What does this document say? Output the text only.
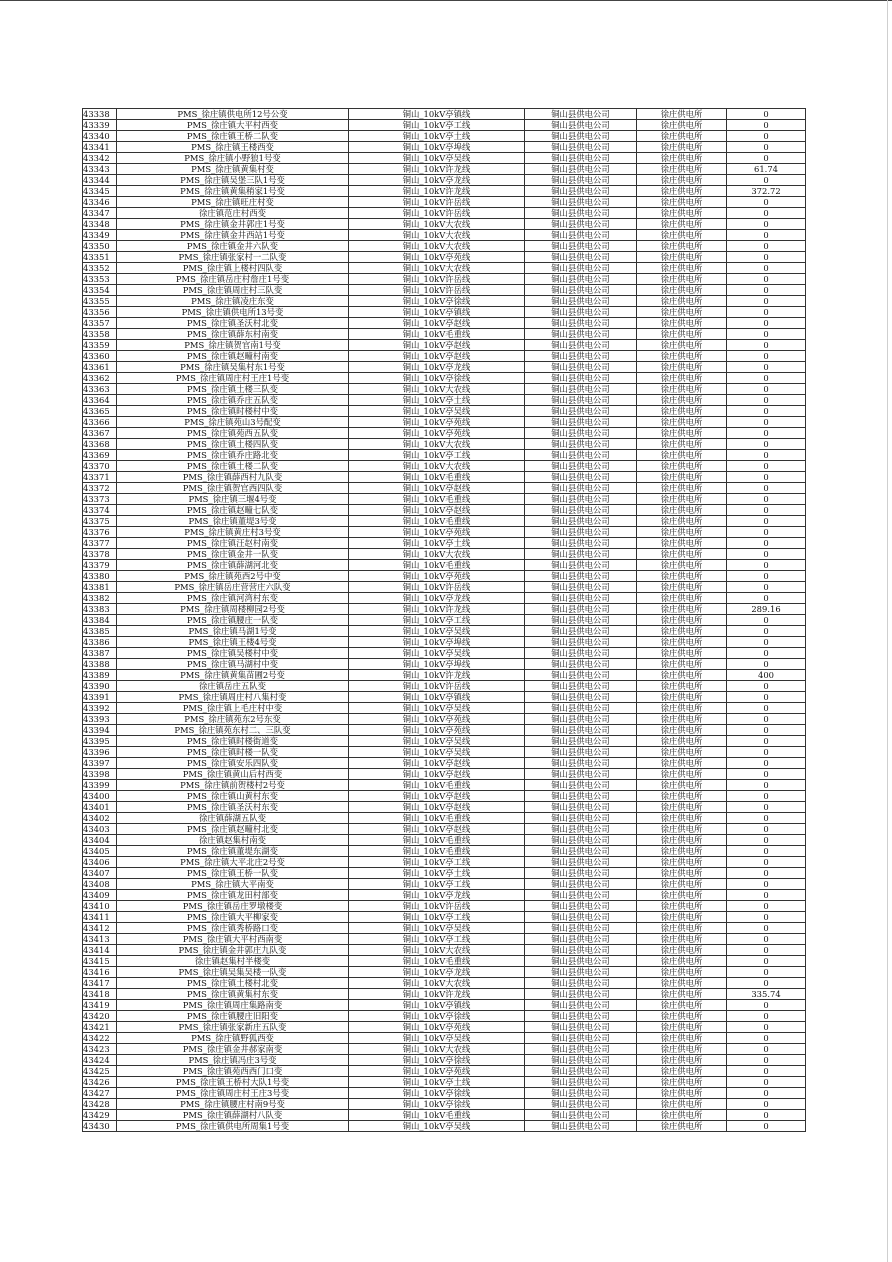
43338	PMS_徐庄镇供电所12号公变	铜山_10kV亭镇线	铜山县供电公司	徐庄供电所	0
43339	PMS_徐庄镇大平村西变	铜山_10kV亭工线	铜山县供电公司	徐庄供电所	0
43340	PMS_徐庄镇王桥二队变	铜山_10kV亭土线	铜山县供电公司	徐庄供电所	0
43341	PMS_徐庄镇王楼西变	铜山_10kV亭埠线	铜山县供电公司	徐庄供电所	0
43342	PMS_徐庄镇小野狼1号变	铜山_10kV亭吴线	铜山县供电公司	徐庄供电所	0
43343	PMS_徐庄镇黄集村变	铜山_10kV许龙线	铜山县供电公司	徐庄供电所	61.74
43344	PMS_徐庄镇吴堡三队1号变	铜山_10kV亭龙线	铜山县供电公司	徐庄供电所	0
43345	PMS_徐庄镇黄集稍家1号变	铜山_10kV许龙线	铜山县供电公司	徐庄供电所	372.72
43346	PMS_徐庄镇旺庄村变	铜山_10kV许岳线	铜山县供电公司	徐庄供电所	0
43347	徐庄镇范庄村西变	铜山_10kV许岳线	铜山县供电公司	徐庄供电所	0
43348	PMS_徐庄镇金井郭庄1号变	铜山_10kV大农线	铜山县供电公司	徐庄供电所	0
43349	PMS_徐庄镇金井西站1号变	铜山_10kV大农线	铜山县供电公司	徐庄供电所	0
43350	PMS_徐庄镇金井六队变	铜山_10kV大农线	铜山县供电公司	徐庄供电所	0
43351	PMS_徐庄镇张家村一二队变	铜山_10kV亭苑线	铜山县供电公司	徐庄供电所	0
43352	PMS_徐庄镇上楼村四队变	铜山_10kV大农线	铜山县供电公司	徐庄供电所	0
43353	PMS_徐庄镇岳庄村詹庄1号变	铜山_10kV许岳线	铜山县供电公司	徐庄供电所	0
43354	PMS_徐庄镇周庄村三队变	铜山_10kV许岳线	铜山县供电公司	徐庄供电所	0
43355	PMS_徐庄镇凌庄东变	铜山_10kV亭徐线	铜山县供电公司	徐庄供电所	0
43356	PMS_徐庄镇供电所13号变	铜山_10kV亭镇线	铜山县供电公司	徐庄供电所	0
43357	PMS_徐庄镇圣沃村北变	铜山_10kV亭赵线	铜山县供电公司	徐庄供电所	0
43358	PMS_徐庄镇薛东村南变	铜山_10kV毛重线	铜山县供电公司	徐庄供电所	0
43359	PMS_徐庄镇贺官南1号变	铜山_10kV亭赵线	铜山县供电公司	徐庄供电所	0
43360	PMS_徐庄镇赵疃村南变	铜山_10kV亭赵线	铜山县供电公司	徐庄供电所	0
43361	PMS_徐庄镇吴集村东1号变	铜山_10kV亭龙线	铜山县供电公司	徐庄供电所	0
43362	PMS_徐庄镇周庄村王庄1号变	铜山_10kV亭徐线	铜山县供电公司	徐庄供电所	0
43363	PMS_徐庄镇土楼三队变	铜山_10kV大农线	铜山县供电公司	徐庄供电所	0
43364	PMS_徐庄镇乔庄五队变	铜山_10kV亭土线	铜山县供电公司	徐庄供电所	0
43365	PMS_徐庄镇时楼村中变	铜山_10kV亭吴线	铜山县供电公司	徐庄供电所	0
43366	PMS_徐庄镇苑山3号配变	铜山_10kV亭苑线	铜山县供电公司	徐庄供电所	0
43367	PMS_徐庄镇苑西五队变	铜山_10kV亭苑线	铜山县供电公司	徐庄供电所	0
43368	PMS_徐庄镇土楼四队变	铜山_10kV大农线	铜山县供电公司	徐庄供电所	0
43369	PMS_徐庄镇乔庄路北变	铜山_10kV亭工线	铜山县供电公司	徐庄供电所	0
43370	PMS_徐庄镇土楼二队变	铜山_10kV大农线	铜山县供电公司	徐庄供电所	0
43371	PMS_徐庄镇薛西村九队变	铜山_10kV毛重线	铜山县供电公司	徐庄供电所	0
43372	PMS_徐庄镇贺官西四队变	铜山_10kV亭赵线	铜山县供电公司	徐庄供电所	0
43373	PMS_徐庄镇三堰4号变	铜山_10kV毛重线	铜山县供电公司	徐庄供电所	0
43374	PMS_徐庄镇赵疃七队变	铜山_10kV亭赵线	铜山县供电公司	徐庄供电所	0
43375	PMS_徐庄镇董堤3号变	铜山_10kV毛重线	铜山县供电公司	徐庄供电所	0
43376	PMS_徐庄镇黄庄村3号变	铜山_10kV亭苑线	铜山县供电公司	徐庄供电所	0
43377	PMS_徐庄镇汪赵村南变	铜山_10kV亭土线	铜山县供电公司	徐庄供电所	0
43378	PMS_徐庄镇金井一队变	铜山_10kV大农线	铜山县供电公司	徐庄供电所	0
43379	PMS_徐庄镇薛湖河北变	铜山_10kV毛重线	铜山县供电公司	徐庄供电所	0
43380	PMS_徐庄镇苑西2号中变	铜山_10kV亭苑线	铜山县供电公司	徐庄供电所	0
43381	PMS_徐庄镇岳庄营营庄六队变	铜山_10kV许岳线	铜山县供电公司	徐庄供电所	0
43382	PMS_徐庄镇河湾村东变	铜山_10kV亭龙线	铜山县供电公司	徐庄供电所	0
43383	PMS_徐庄镇周楼柳园2号变	铜山_10kV许龙线	铜山县供电公司	徐庄供电所	289.16
43384	PMS_徐庄镇腰庄一队变	铜山_10kV亭工线	铜山县供电公司	徐庄供电所	0
43385	PMS_徐庄镇马湖1号变	铜山_10kV亭吴线	铜山县供电公司	徐庄供电所	0
43386	PMS_徐庄镇王楼4号变	铜山_10kV亭埠线	铜山县供电公司	徐庄供电所	0
43387	PMS_徐庄镇吴楼村中变	铜山_10kV亭吴线	铜山县供电公司	徐庄供电所	0
43388	PMS_徐庄镇马湖村中变	铜山_10kV亭埠线	铜山县供电公司	徐庄供电所	0
43389	PMS_徐庄镇黄集苗圃2号变	铜山_10kV许龙线	铜山县供电公司	徐庄供电所	400
43390	徐庄镇岳庄五队变	铜山_10kV许岳线	铜山县供电公司	徐庄供电所	0
43391	PMS_徐庄镇周庄村八集村变	铜山_10kV亭镇线	铜山县供电公司	徐庄供电所	0
43392	PMS_徐庄镇上毛庄村中变	铜山_10kV亭吴线	铜山县供电公司	徐庄供电所	0
43393	PMS_徐庄镇苑东2号东变	铜山_10kV亭苑线	铜山县供电公司	徐庄供电所	0
43394	PMS_徐庄镇苑东村二、三队变	铜山_10kV亭苑线	铜山县供电公司	徐庄供电所	0
43395	PMS_徐庄镇时楼街道变	铜山_10kV亭吴线	铜山县供电公司	徐庄供电所	0
43396	PMS_徐庄镇时楼一队变	铜山_10kV亭吴线	铜山县供电公司	徐庄供电所	0
43397	PMS_徐庄镇安乐四队变	铜山_10kV亭赵线	铜山县供电公司	徐庄供电所	0
43398	PMS_徐庄镇黄山后村西变	铜山_10kV亭赵线	铜山县供电公司	徐庄供电所	0
43399	PMS_徐庄镇前贺楼村2号变	铜山_10kV毛重线	铜山县供电公司	徐庄供电所	0
43400	PMS_徐庄镇山黄村东变	铜山_10kV亭赵线	铜山县供电公司	徐庄供电所	0
43401	PMS_徐庄镇圣沃村东变	铜山_10kV亭赵线	铜山县供电公司	徐庄供电所	0
43402	徐庄镇薛湖五队变	铜山_10kV毛重线	铜山县供电公司	徐庄供电所	0
43403	PMS_徐庄镇赵疃村北变	铜山_10kV亭赵线	铜山县供电公司	徐庄供电所	0
43404	徐庄镇赵集村南变	铜山_10kV毛重线	铜山县供电公司	徐庄供电所	0
43405	PMS_徐庄镇董堤东湖变	铜山_10kV毛重线	铜山县供电公司	徐庄供电所	0
43406	PMS_徐庄镇大平北庄2号变	铜山_10kV亭工线	铜山县供电公司	徐庄供电所	0
43407	PMS_徐庄镇王桥一队变	铜山_10kV亭土线	铜山县供电公司	徐庄供电所	0
43408	PMS_徐庄镇大平南变	铜山_10kV亭工线	铜山县供电公司	徐庄供电所	0
43409	PMS_徐庄镇龙田村部变	铜山_10kV亭龙线	铜山县供电公司	徐庄供电所	0
43410	PMS_徐庄镇岳庄罗墩楼变	铜山_10kV许岳线	铜山县供电公司	徐庄供电所	0
43411	PMS_徐庄镇大平柳家变	铜山_10kV亭工线	铜山县供电公司	徐庄供电所	0
43412	PMS_徐庄镇秀桥路口变	铜山_10kV亭吴线	铜山县供电公司	徐庄供电所	0
43413	PMS_徐庄镇大平村西南变	铜山_10kV亭工线	铜山县供电公司	徐庄供电所	0
43414	PMS_徐庄镇金井郭庄九队变	铜山_10kV大农线	铜山县供电公司	徐庄供电所	0
43415	徐庄镇赵集村半楼变	铜山_10kV毛重线	铜山县供电公司	徐庄供电所	0
43416	PMS_徐庄镇吴集吴楼一队变	铜山_10kV亭龙线	铜山县供电公司	徐庄供电所	0
43417	PMS_徐庄镇土楼村北变	铜山_10kV大农线	铜山县供电公司	徐庄供电所	0
43418	PMS_徐庄镇黄集村东变	铜山_10kV许龙线	铜山县供电公司	徐庄供电所	335.74
43419	PMS_徐庄镇周庄集路南变	铜山_10kV亭镇线	铜山县供电公司	徐庄供电所	0
43420	PMS_徐庄镇腰庄旧阳变	铜山_10kV亭徐线	铜山县供电公司	徐庄供电所	0
43421	PMS_徐庄镇张家新庄五队变	铜山_10kV亭苑线	铜山县供电公司	徐庄供电所	0
43422	PMS_徐庄镇野狐西变	铜山_10kV亭吴线	铜山县供电公司	徐庄供电所	0
43423	PMS_徐庄镇金井郝家南变	铜山_10kV大农线	铜山县供电公司	徐庄供电所	0
43424	PMS_徐庄镇冯庄3号变	铜山_10kV亭徐线	铜山县供电公司	徐庄供电所	0
43425	PMS_徐庄镇苑西西门口变	铜山_10kV亭苑线	铜山县供电公司	徐庄供电所	0
43426	PMS_徐庄镇王桥村大队1号变	铜山_10kV亭土线	铜山县供电公司	徐庄供电所	0
43427	PMS_徐庄镇周庄村王庄3号变	铜山_10kV亭徐线	铜山县供电公司	徐庄供电所	0
43428	PMS_徐庄镇腰庄村南9号变	铜山_10kV亭徐线	铜山县供电公司	徐庄供电所	0
43429	PMS_徐庄镇薛湖村八队变	铜山_10kV毛重线	铜山县供电公司	徐庄供电所	0
43430	PMS_徐庄镇供电所周集1号变	铜山_10kV亭吴线	铜山县供电公司	徐庄供电所	0
